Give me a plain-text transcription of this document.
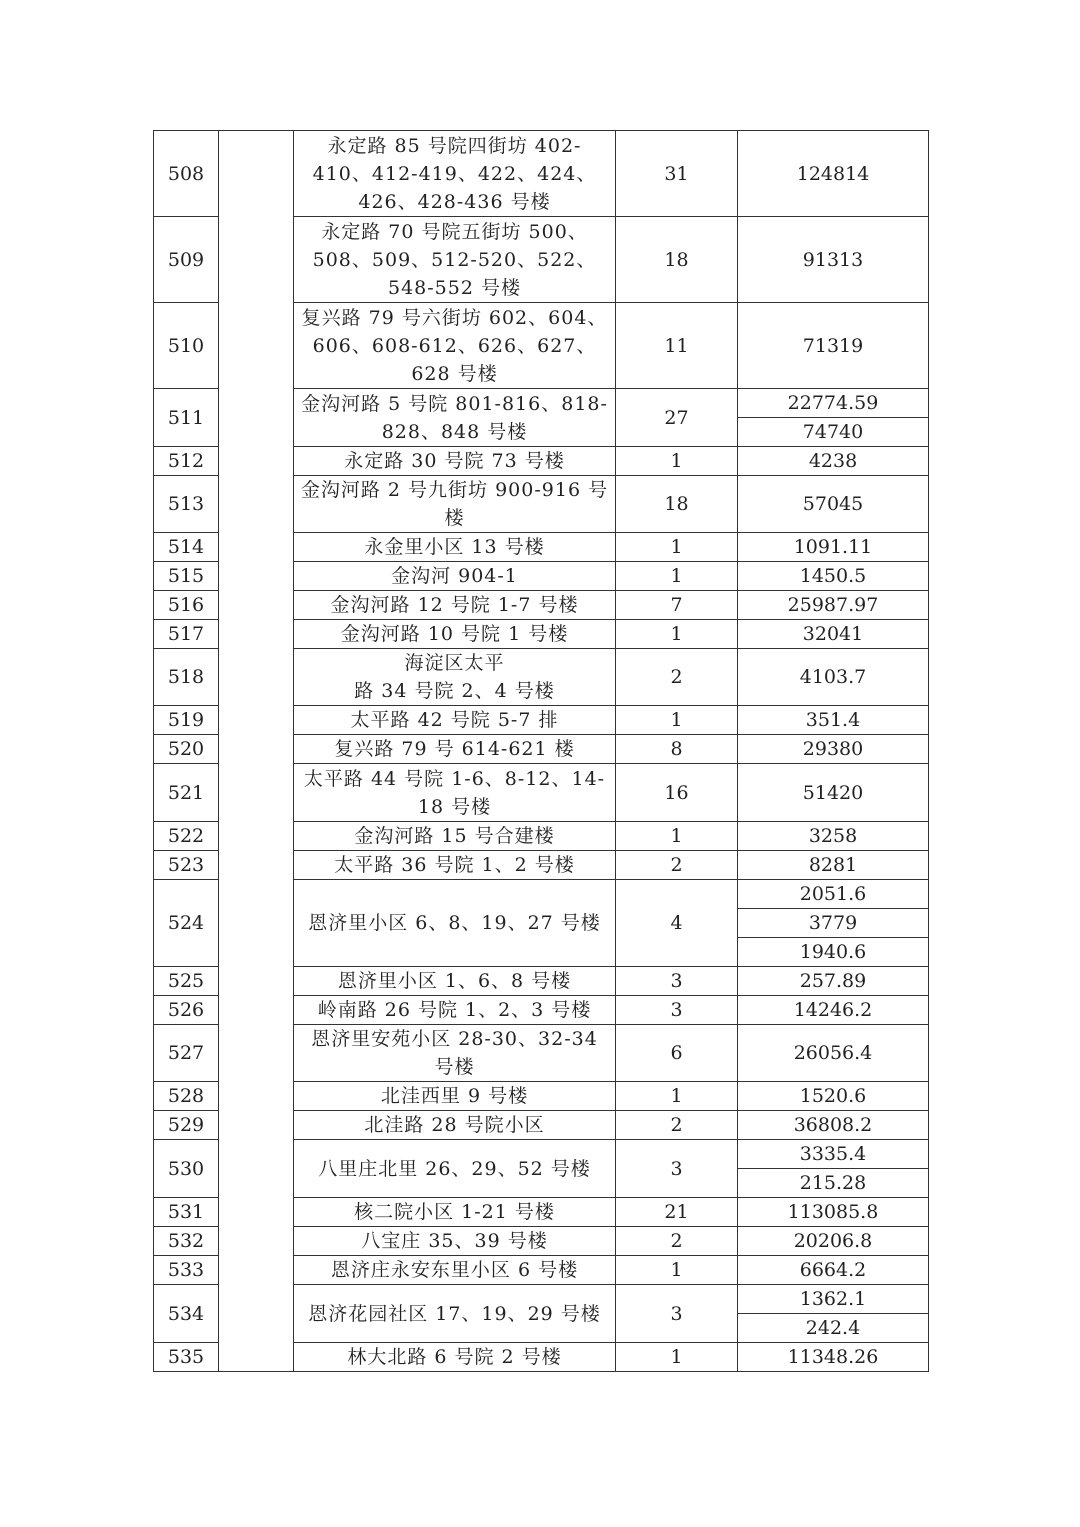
508		永定路 85 号院四街坊 402-410、412-419、422、424、426、428-436 号楼	31	124814
509		永定路 70 号院五街坊 500、508、509、512-520、522、548-552 号楼	18	91313
510		复兴路 79 号六街坊 602、604、606、608-612、626、627、628 号楼	11	71319
511		金沟河路 5 号院 801-816、818-828、848 号楼	27	22774.59
				74740
512		永定路 30 号院 73 号楼	1	4238
513		金沟河路 2 号九街坊 900-916 号楼	18	57045
514		永金里小区 13 号楼	1	1091.11
515		金沟河 904-1	1	1450.5
516		金沟河路 12 号院 1-7 号楼	7	25987.97
517		金沟河路 10 号院 1 号楼	1	32041
518		海淀区太平
路 34 号院 2、4 号楼	2	4103.7
519		太平路 42 号院 5-7 排	1	351.4
520		复兴路 79 号 614-621 楼	8	29380
521		太平路 44 号院 1-6、8-12、14-18 号楼	16	51420
522		金沟河路 15 号合建楼	1	3258
523		太平路 36 号院 1、2 号楼	2	8281
524		恩济里小区 6、8、19、27 号楼	4	2051.6
				3779
				1940.6
525		恩济里小区 1、6、8 号楼	3	257.89
526		岭南路 26 号院 1、2、3 号楼	3	14246.2
527		恩济里安苑小区 28-30、32-34 号楼	6	26056.4
528		北洼西里 9 号楼	1	1520.6
529		北洼路 28 号院小区	2	36808.2
530		八里庄北里 26、29、52 号楼	3	3335.4
				215.28
531		核二院小区 1-21 号楼	21	113085.8
532		八宝庄 35、39 号楼	2	20206.8
533		恩济庄永安东里小区 6 号楼	1	6664.2
534		恩济花园社区 17、19、29 号楼	3	1362.1
				242.4
535		林大北路 6 号院 2 号楼	1	11348.26
